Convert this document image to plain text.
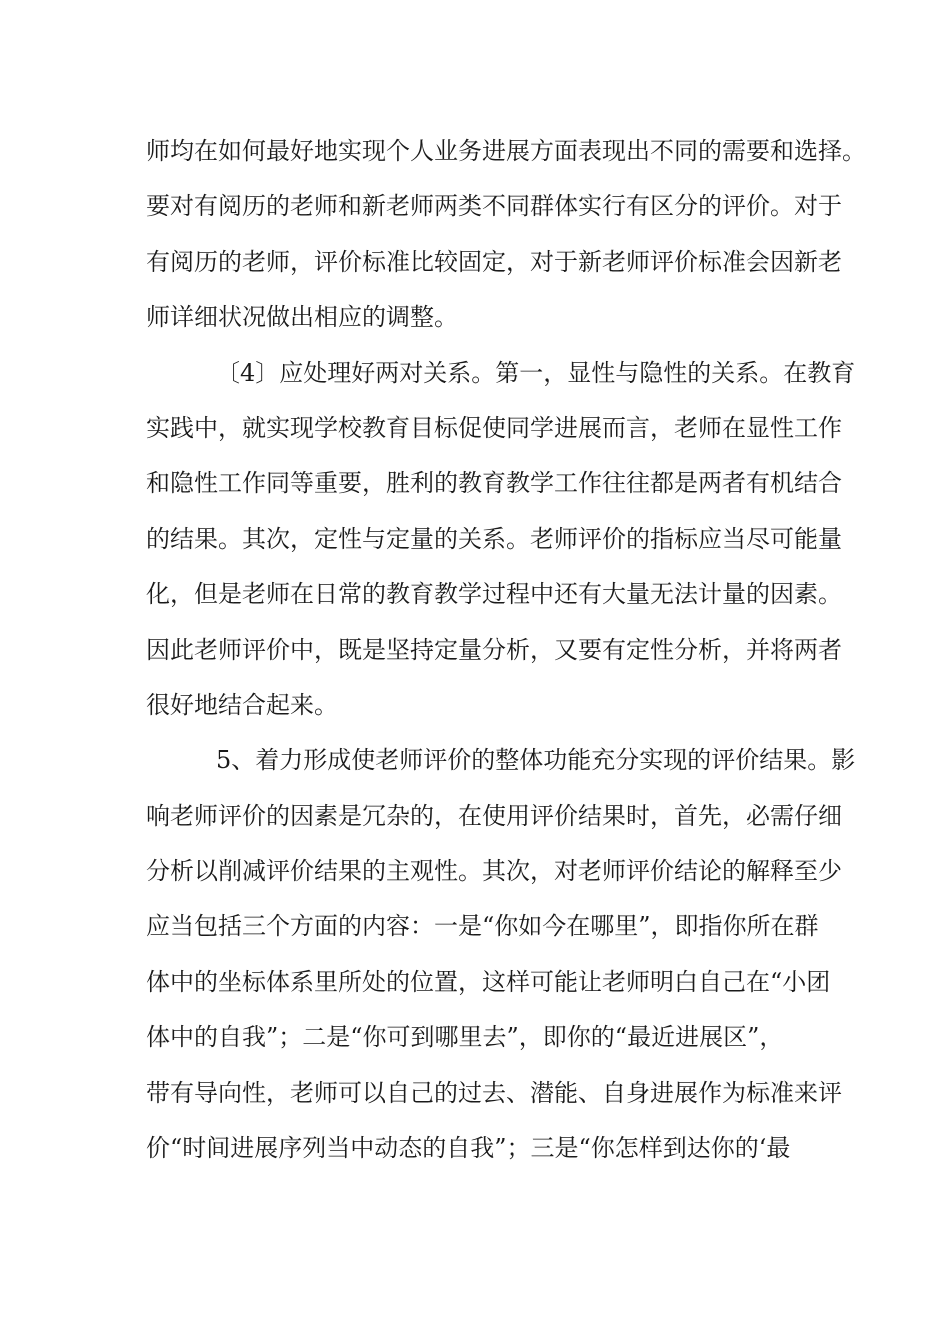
师均在如何最好地实现个人业务进展方面表现出不同的需要和选择。
要对有阅历的老师和新老师两类不同群体实行有区分的评价。对于
有阅历的老师，评价标准比较固定，对于新老师评价标准会因新老
师详细状况做出相应的调整。
〔4〕应处理好两对关系。第一，显性与隐性的关系。在教育
实践中，就实现学校教育目标促使同学进展而言，老师在显性工作
和隐性工作同等重要，胜利的教育教学工作往往都是两者有机结合
的结果。其次，定性与定量的关系。老师评价的指标应当尽可能量
化，但是老师在日常的教育教学过程中还有大量无法计量的因素。
因此老师评价中，既是坚持定量分析，又要有定性分析，并将两者
很好地结合起来。
5、着力形成使老师评价的整体功能充分实现的评价结果。影
响老师评价的因素是冗杂的，在使用评价结果时，首先，必需仔细
分析以削减评价结果的主观性。其次，对老师评价结论的解释至少
应当包括三个方面的内容：一是“你如今在哪里”，即指你所在群
体中的坐标体系里所处的位置，这样可能让老师明白自己在“小团
体中的自我”；二是“你可到哪里去”，即你的“最近进展区”，
带有导向性，老师可以自己的过去、潜能、自身进展作为标准来评
价“时间进展序列当中动态的自我”；三是“你怎样到达你的‘最
